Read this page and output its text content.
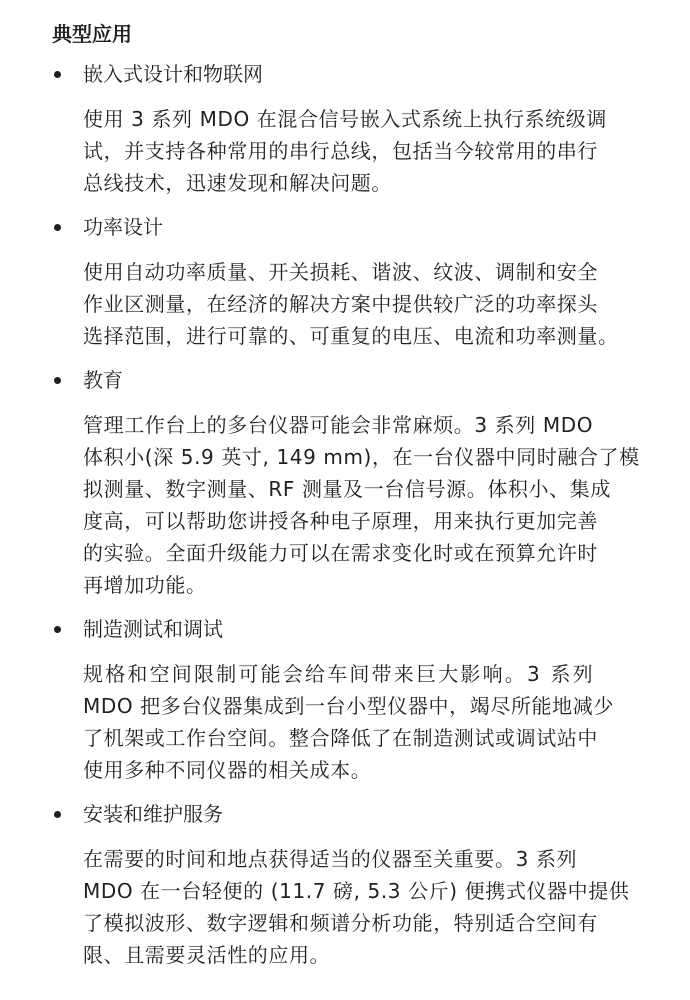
典型应用
嵌入式设计和物联网
使用 3 系列 MDO 在混合信号嵌入式系统上执行系统级调
试，并支持各种常用的串行总线，包括当今较常用的串行
总线技术，迅速发现和解决问题。
功率设计
使用自动功率质量、开关损耗、谐波、纹波、调制和安全
作业区测量，在经济的解决方案中提供较广泛的功率探头
选择范围，进行可靠的、可重复的电压、电流和功率测量。
教育
管理工作台上的多台仪器可能会非常麻烦。3 系列 MDO
体积小(深 5.9 英寸, 149 mm)，在一台仪器中同时融合了模
拟测量、数字测量、RF 测量及一台信号源。体积小、集成
度高，可以帮助您讲授各种电子原理，用来执行更加完善
的实验。全面升级能力可以在需求变化时或在预算允许时
再增加功能。
制造测试和调试
规格和空间限制可能会给车间带来巨大影响。3 系列
MDO 把多台仪器集成到一台小型仪器中，竭尽所能地减少
了机架或工作台空间。整合降低了在制造测试或调试站中
使用多种不同仪器的相关成本。
安装和维护服务
在需要的时间和地点获得适当的仪器至关重要。3 系列
MDO 在一台轻便的 (11.7 磅, 5.3 公斤) 便携式仪器中提供
了模拟波形、数字逻辑和频谱分析功能，特别适合空间有
限、且需要灵活性的应用。
